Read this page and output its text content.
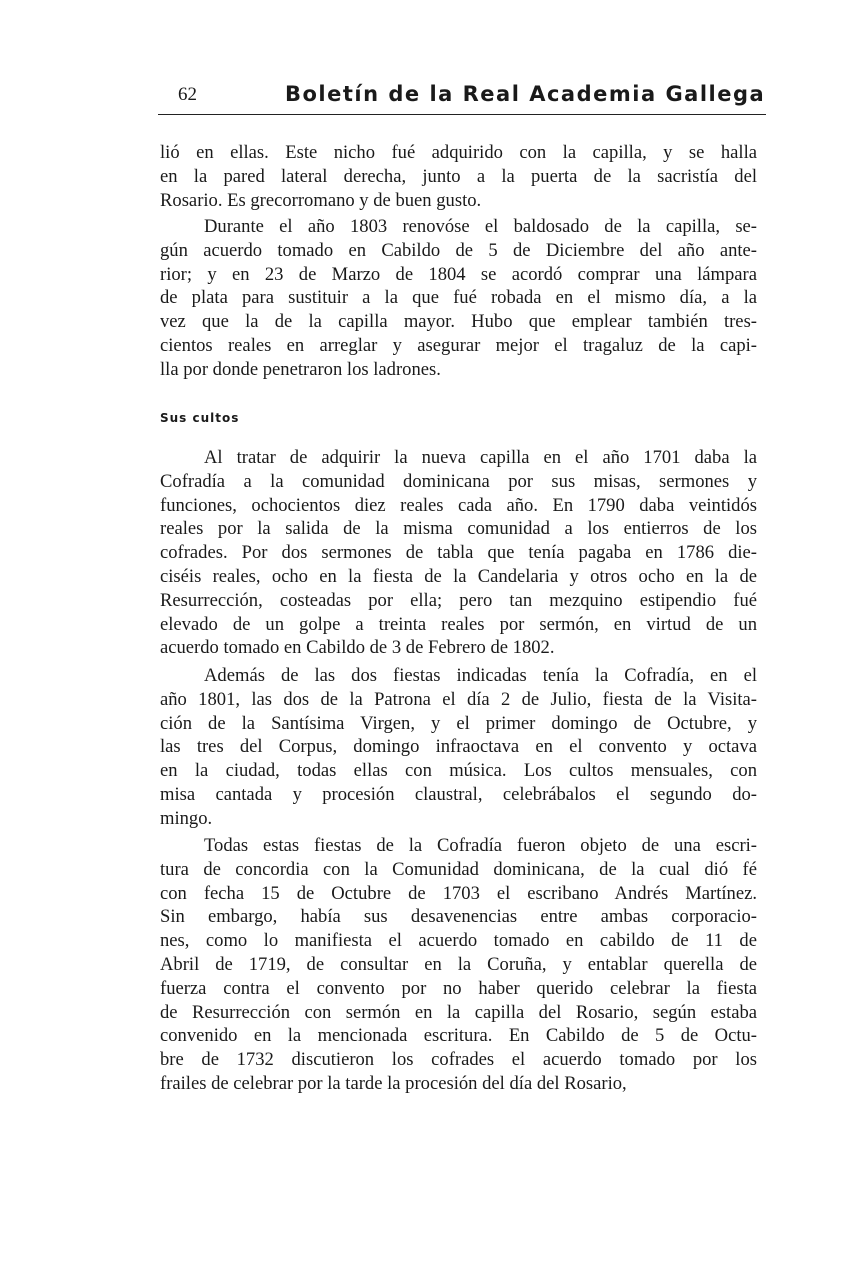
62	Boletín de la Real Academia Gallega
lió en ellas. Este nicho fué adquirido con la capilla, y se halla
en la pared lateral derecha, junto a la puerta de la sacristía del
Rosario. Es grecorromano y de buen gusto.
Durante el año 1803 renovóse el baldosado de la capilla, se-
gún acuerdo tomado en Cabildo de 5 de Diciembre del año ante-
rior; y en 23 de Marzo de 1804 se acordó comprar una lámpara
de plata para sustituir a la que fué robada en el mismo día, a la
vez que la de la capilla mayor. Hubo que emplear también tres-
cientos reales en arreglar y asegurar mejor el tragaluz de la capi-
lla por donde penetraron los ladrones.
Sus cultos
Al tratar de adquirir la nueva capilla en el año 1701 daba la
Cofradía a la comunidad dominicana por sus misas, sermones y
funciones, ochocientos diez reales cada año. En 1790 daba veintidós
reales por la salida de la misma comunidad a los entierros de los
cofrades. Por dos sermones de tabla que tenía pagaba en 1786 die-
ciséis reales, ocho en la fiesta de la Candelaria y otros ocho en la de
Resurrección, costeadas por ella; pero tan mezquino estipendio fué
elevado de un golpe a treinta reales por sermón, en virtud de un
acuerdo tomado en Cabildo de 3 de Febrero de 1802.
Además de las dos fiestas indicadas tenía la Cofradía, en el
año 1801, las dos de la Patrona el día 2 de Julio, fiesta de la Visita-
ción de la Santísima Virgen, y el primer domingo de Octubre, y
las tres del Corpus, domingo infraoctava en el convento y octava
en la ciudad, todas ellas con música. Los cultos mensuales, con
misa cantada y procesión claustral, celebrábalos el segundo do-
mingo.
Todas estas fiestas de la Cofradía fueron objeto de una escri-
tura de concordia con la Comunidad dominicana, de la cual dió fé
con fecha 15 de Octubre de 1703 el escribano Andrés Martínez.
Sin embargo, había sus desavenencias entre ambas corporacio-
nes, como lo manifiesta el acuerdo tomado en cabildo de 11 de
Abril de 1719, de consultar en la Coruña, y entablar querella de
fuerza contra el convento por no haber querido celebrar la fiesta
de Resurrección con sermón en la capilla del Rosario, según estaba
convenido en la mencionada escritura. En Cabildo de 5 de Octu-
bre de 1732 discutieron los cofrades el acuerdo tomado por los
frailes de celebrar por la tarde la procesión del día del Rosario,
